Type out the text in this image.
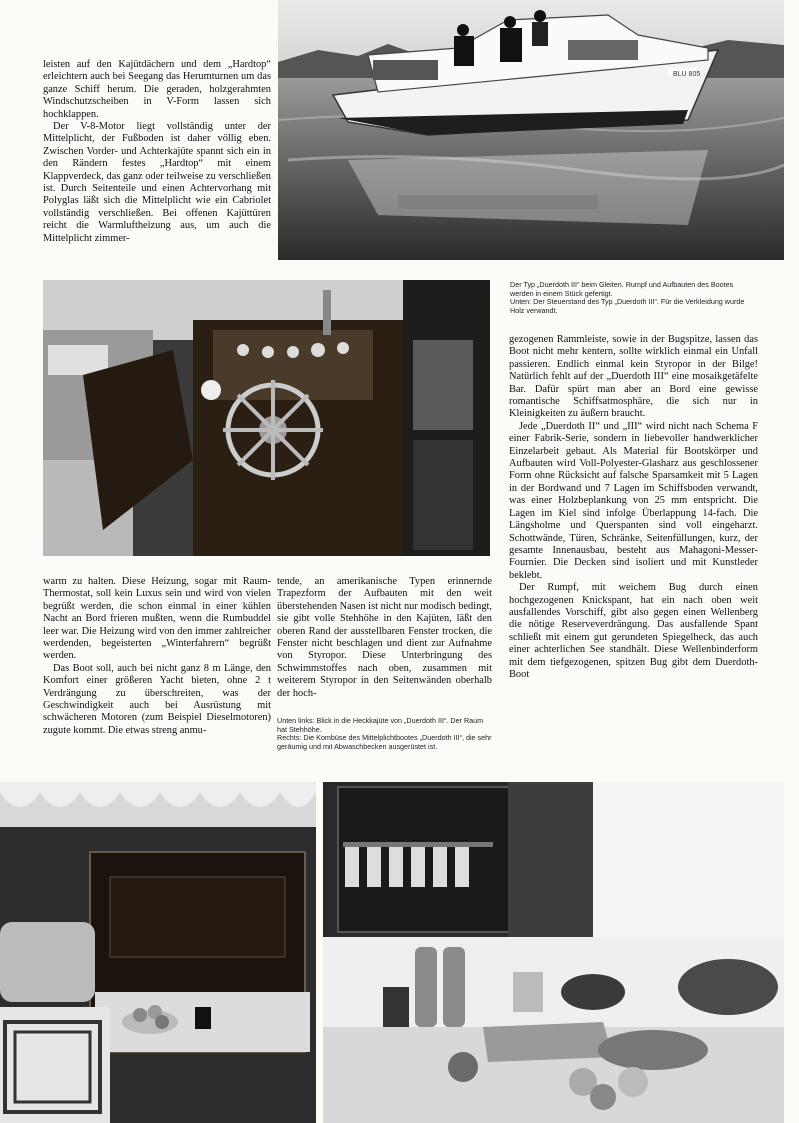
BLU 805

leisten auf den Kajütdächern und dem „Hardtop“ erleichtern auch bei Seegang das Herumturnen um das ganze Schiff herum. Die geraden, holzgerahmten Windschutzscheiben in V-Form lassen sich hochklappen.

Der V-8-Motor liegt vollständig unter der Mittelplicht, der Fußboden ist daher völlig eben. Zwischen Vorder- und Achterkajüte spannt sich ein in den Rändern festes „Hardtop“ mit einem Klappverdeck, das ganz oder teilweise zu verschließen ist. Durch Seitenteile und einen Achtervorhang mit Polyglas läßt sich die Mittelplicht wie ein Cabriolet vollständig verschließen. Bei offenen Kajüttüren reicht die Warmluftheizung aus, um auch die Mittelplicht zimmer-

Der Typ „Duerdoth III“ beim Gleiten. Rumpf und Aufbauten des Bootes werden in einem Stück gefertigt.

Unten: Der Steuerstand des Typ „Duerdoth III“. Für die Verkleidung wurde Holz verwandt.

gezogenen Rammleiste, sowie in der Bugspitze, lassen das Boot nicht mehr kentern, sollte wirklich einmal ein Unfall passieren. Endlich einmal kein Styropor in der Bilge! Natürlich fehlt auf der „Duerdoth III“ eine mosaikgetäfelte Bar. Dafür spürt man aber an Bord eine gewisse romantische Schiffsatmosphäre, die sich nur in Kleinigkeiten zu äußern braucht.

Jede „Duerdoth II“ und „III“ wird nicht nach Schema F einer Fabrik-Serie, sondern in liebevoller handwerklicher Einzelarbeit gebaut. Als Material für Bootskörper und Aufbauten wird Voll-Polyester-Glasharz aus geschlossener Form ohne Rücksicht auf falsche Sparsamkeit mit 5 Lagen in der Bordwand und 7 Lagen im Schiffsboden verwandt, was einer Holzbeplankung von 25 mm entspricht. Die Lagen im Kiel sind infolge Überlappung 14-fach. Die Längsholme und Querspanten sind voll eingeharzt. Schottwände, Türen, Schränke, Seitenfüllungen, kurz, der gesamte Innenausbau, besteht aus Mahagoni-Messer-Fournier. Die Decken sind isoliert und mit Kunstleder beklebt.

Der Rumpf, mit weichem Bug durch einen hochgezogenen Knickspant, hat ein nach oben weit ausfallendes Vorschiff, gibt also gegen einen Wellenberg die nötige Reserveverdrängung. Das ausfallende Spant schließt mit einem gut gerundeten Spiegelheck, das auch einer achterlichen See standhält. Diese Wellenbinderform mit dem tiefgezogenen, spitzen Bug gibt dem Duerdoth-Boot

warm zu halten. Diese Heizung, sogar mit Raum-Thermostat, soll kein Luxus sein und wird von vielen begrüßt werden, die schon einmal in einer kühlen Nacht an Bord frieren mußten, wenn die Rumbuddel leer war. Die Heizung wird von den immer zahlreicher werdenden, begeisterten „Winterfahrern“ begrüßt werden.

Das Boot soll, auch bei nicht ganz 8 m Länge, den Komfort einer größeren Yacht bieten, ohne 2 t Verdrängung zu überschreiten, was der Geschwindigkeit auch bei Ausrüstung mit schwächeren Motoren (zum Beispiel Dieselmotoren) zugute kommt. Die etwas streng anmu-

tende, an amerikanische Typen erinnernde Trapezform der Aufbauten mit den weit überstehenden Nasen ist nicht nur modisch bedingt, sie gibt volle Stehhöhe in den Kajüten, läßt den oberen Rand der ausstellbaren Fenster trocken, die Fenster nicht beschlagen und dient zur Aufnahme von Styropor. Diese Unterbringung des Schwimmstoffes nach oben, zusammen mit weiterem Styropor in den Seitenwänden oberhalb der hoch-

Unten links: Blick in die Heckkajüte von „Duerdoth III“. Der Raum hat Stehhöhe.

Rechts: Die Kombüse des Mittelplichtbootes „Duerdoth III“, die sehr geräumig und mit Abwaschbecken ausgerüstet ist.
